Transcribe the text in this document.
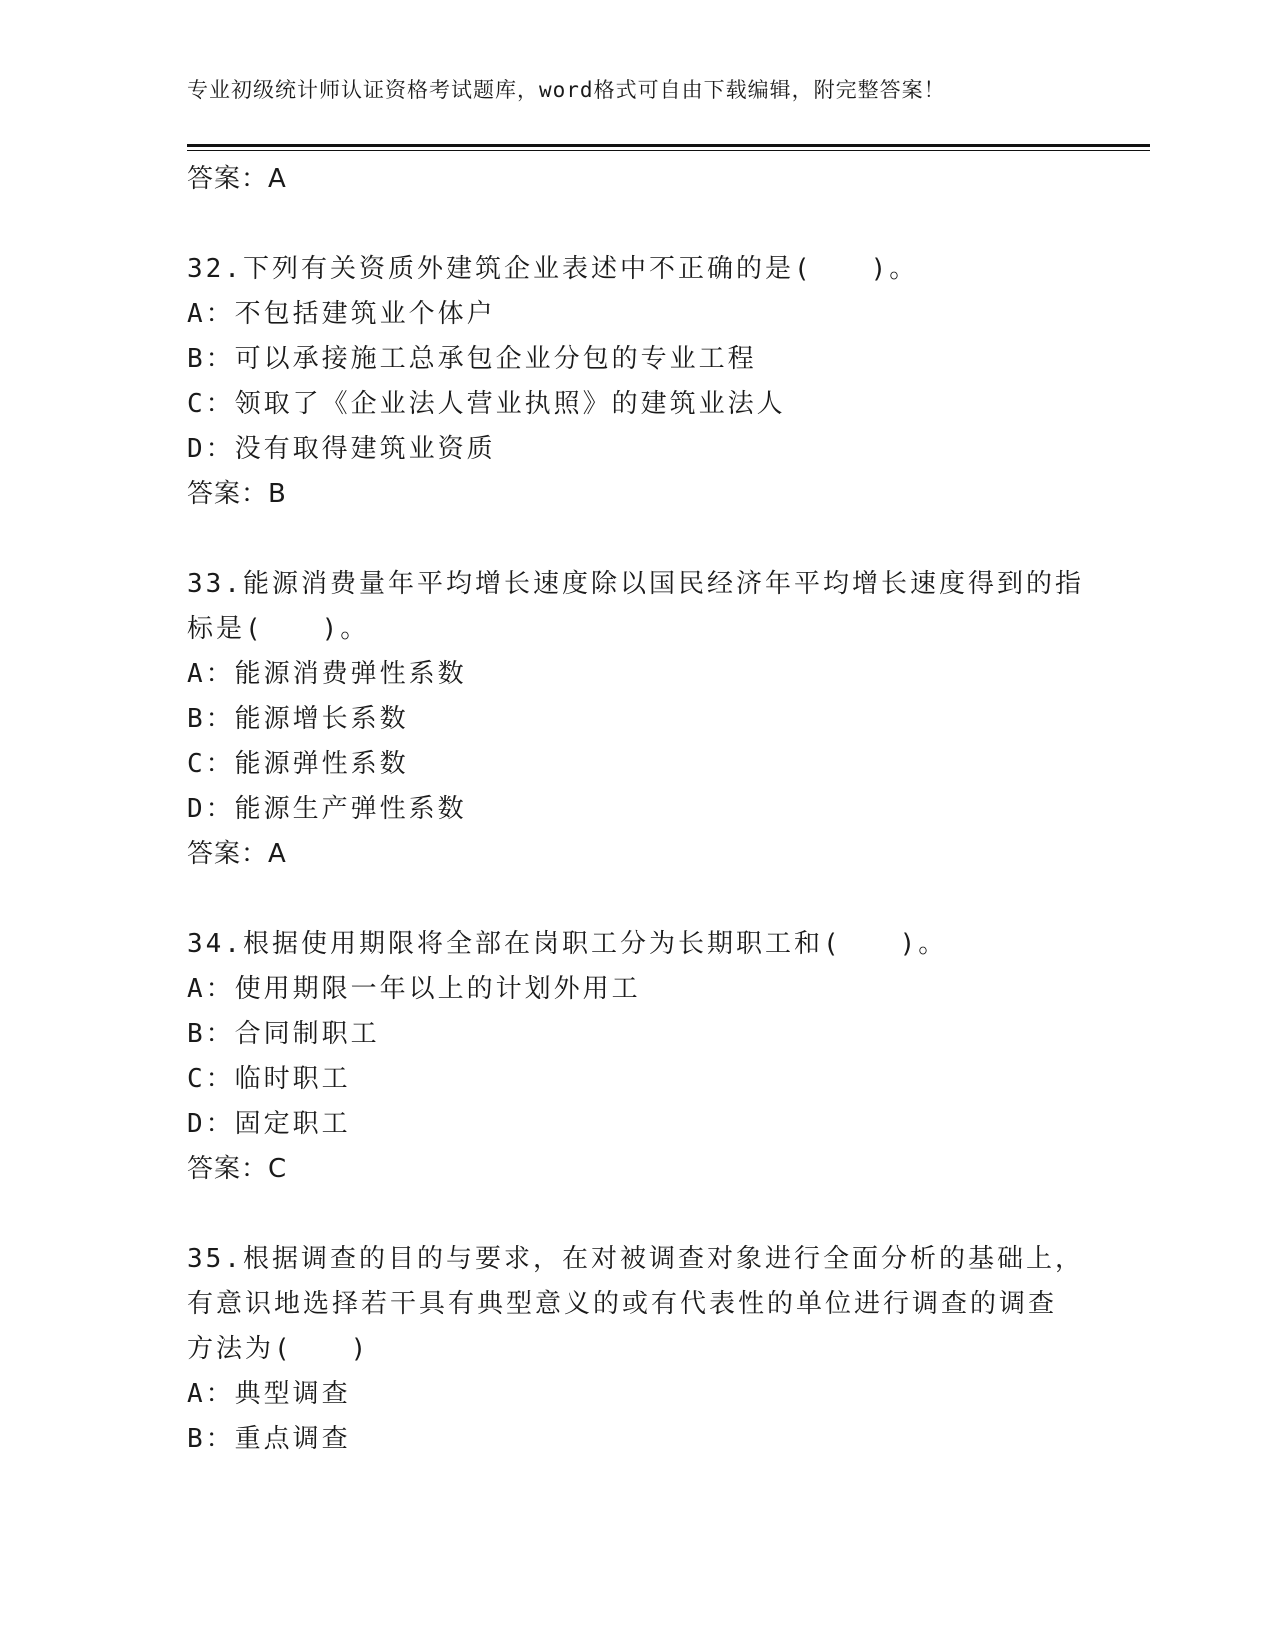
专业初级统计师认证资格考试题库，word格式可自由下载编辑，附完整答案！
答案：A
32.下列有关资质外建筑企业表述中不正确的是(　　)。
A：不包括建筑业个体户
B：可以承接施工总承包企业分包的专业工程
C：领取了《企业法人营业执照》的建筑业法人
D：没有取得建筑业资质
答案：B
33.能源消费量年平均增长速度除以国民经济年平均增长速度得到的指
标是(　　)。
A：能源消费弹性系数
B：能源增长系数
C：能源弹性系数
D：能源生产弹性系数
答案：A
34.根据使用期限将全部在岗职工分为长期职工和(　　)。
A：使用期限一年以上的计划外用工
B：合同制职工
C：临时职工
D：固定职工
答案：C
35.根据调查的目的与要求，在对被调查对象进行全面分析的基础上，
有意识地选择若干具有典型意义的或有代表性的单位进行调查的调查
方法为(　　)
A：典型调查
B：重点调查
